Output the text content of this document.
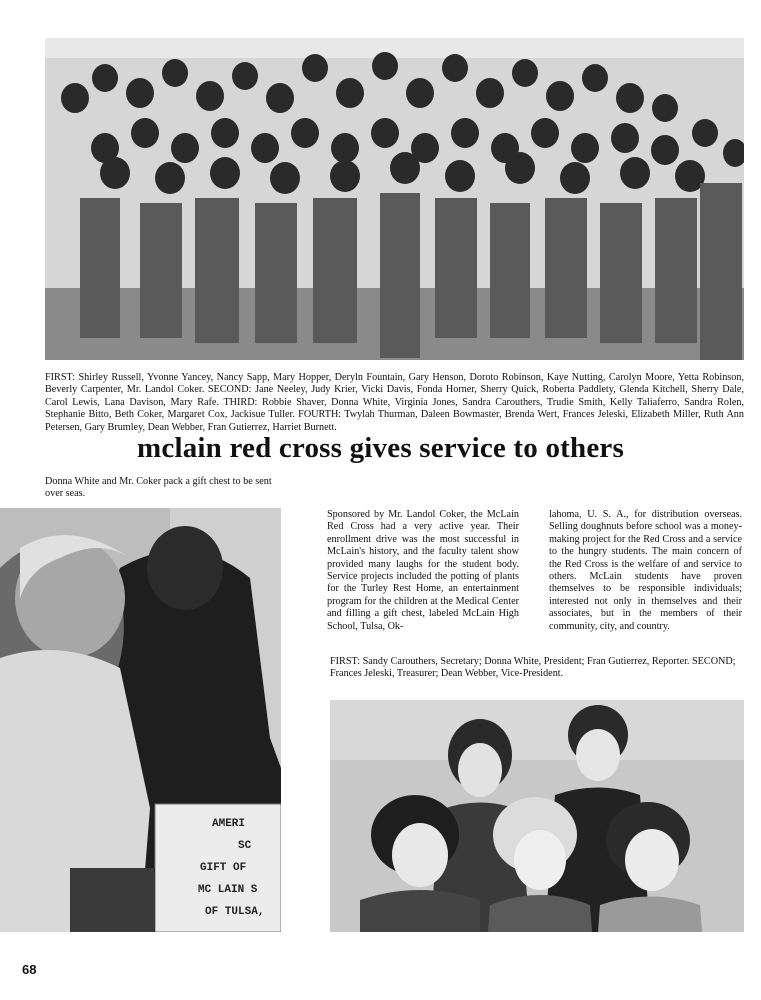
FIRST: Shirley Russell, Yvonne Yancey, Nancy Sapp, Mary Hopper, Deryln Fountain, Gary Henson, Doroto Robinson, Kaye Nutting, Carolyn Moore, Yetta Robinson, Beverly Carpenter, Mr. Landol Coker. SECOND: Jane Neeley, Judy Krier, Vicki Davis, Fonda Horner, Sherry Quick, Roberta Paddlety, Glenda Kitchell, Sherry Dale, Carol Lewis, Lana Davison, Mary Rafe. THIRD: Robbie Shaver, Donna White, Virginia Jones, Sandra Carouthers, Trudie Smith, Kelly Taliaferro, Sandra Rolen, Stephanie Bitto, Beth Coker, Margaret Cox, Jackisue Tuller. FOURTH: Twylah Thurman, Daleen Bowmaster, Brenda Wert, Frances Jeleski, Elizabeth Miller, Ruth Ann Petersen, Gary Brumley, Dean Webber, Fran Gutierrez, Harriet Burnett.

mclain red cross gives service to others

Donna White and Mr. Coker pack a gift chest to be sent over seas.

AMERI
SC
GIFT OF
MC LAIN S
OF TULSA,

Sponsored by Mr. Landol Coker, the McLain Red Cross had a very active year. Their enrollment drive was the most successful in McLain's history, and the faculty talent show provided many laughs for the student body. Service projects included the potting of plants for the Turley Rest Home, an entertainment program for the children at the Medical Center and filling a gift chest, labeled McLain High School, Tulsa, Ok-

lahoma, U. S. A., for distribution overseas. Selling doughnuts before school was a money-making project for the Red Cross and a service to the hungry students. The main concern of the Red Cross is the welfare of and service to others. McLain students have proven themselves to be responsible individuals; interested not only in themselves and their associates, but in the members of their community, city, and country.

FIRST: Sandy Carouthers, Secretary; Donna White, President; Fran Gutierrez, Reporter. SECOND; Frances Jeleski, Treasurer; Dean Webber, Vice-President.

68
